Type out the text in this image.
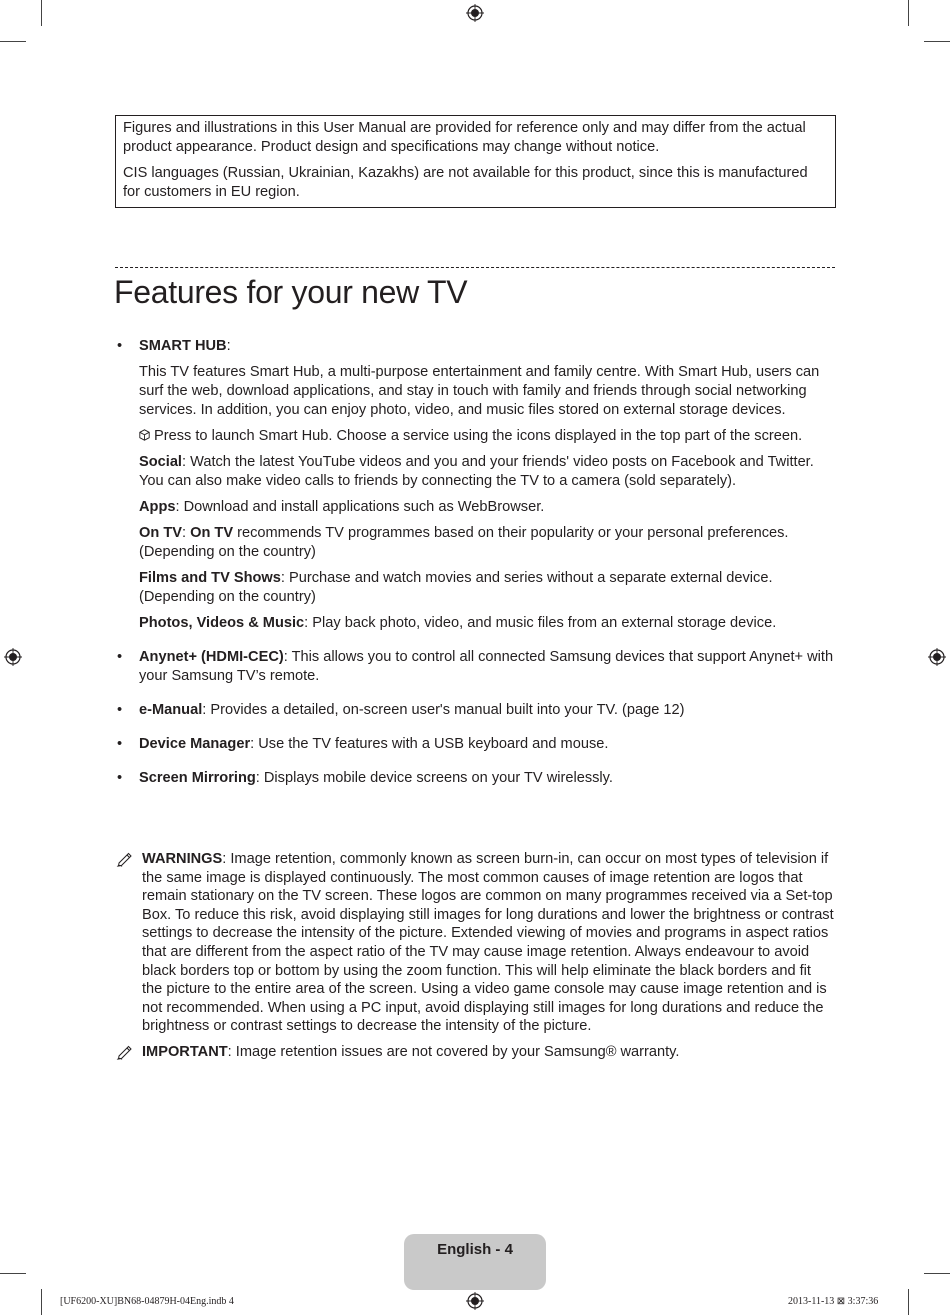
Figures and illustrations in this User Manual are provided for reference only and may differ from the actual product appearance. Product design and specifications may change without notice.

CIS languages (Russian, Ukrainian, Kazakhs) are not available for this product, since this is manufactured for customers in EU region.

Features for your new TV
• SMART HUB:

This TV features Smart Hub, a multi-purpose entertainment and family centre. With Smart Hub, users can surf the web, download applications, and stay in touch with family and friends through social networking services. In addition, you can enjoy photo, video, and music files stored on external storage devices.

Press to launch Smart Hub. Choose a service using the icons displayed in the top part of the screen.

Social: Watch the latest YouTube videos and you and your friends' video posts on Facebook and Twitter. You can also make video calls to friends by connecting the TV to a camera (sold separately).

Apps: Download and install applications such as WebBrowser.

On TV: On TV recommends TV programmes based on their popularity or your personal preferences. (Depending on the country)

Films and TV Shows: Purchase and watch movies and series without a separate external device. (Depending on the country)

Photos, Videos & Music: Play back photo, video, and music files from an external storage device.

• Anynet+ (HDMI-CEC): This allows you to control all connected Samsung devices that support Anynet+ with your Samsung TV’s remote.
• e-Manual: Provides a detailed, on-screen user's manual built into your TV. (page 12)
• Device Manager: Use the TV features with a USB keyboard and mouse.
• Screen Mirroring: Displays mobile device screens on your TV wirelessly.
WARNINGS: Image retention, commonly known as screen burn-in, can occur on most types of television if the same image is displayed continuously. The most common causes of image retention are logos that remain stationary on the TV screen. These logos are common on many programmes received via a Set-top Box. To reduce this risk, avoid displaying still images for long durations and lower the brightness or contrast settings to decrease the intensity of the picture. Extended viewing of movies and programs in aspect ratios that are different from the aspect ratio of the TV may cause image retention. Always endeavour to avoid black borders top or bottom by using the zoom function. This will help eliminate the black borders and fit the picture to the entire area of the screen. Using a video game console may cause image retention and is not recommended. When using a PC input, avoid displaying still images for long durations and reduce the brightness or contrast settings to decrease the intensity of the picture.
IMPORTANT: Image retention issues are not covered by your Samsung® warranty.
English - 4
[UF6200-XU]BN68-04879H-04Eng.indb 4	2013-11-13 ⊠ 3:37:36
